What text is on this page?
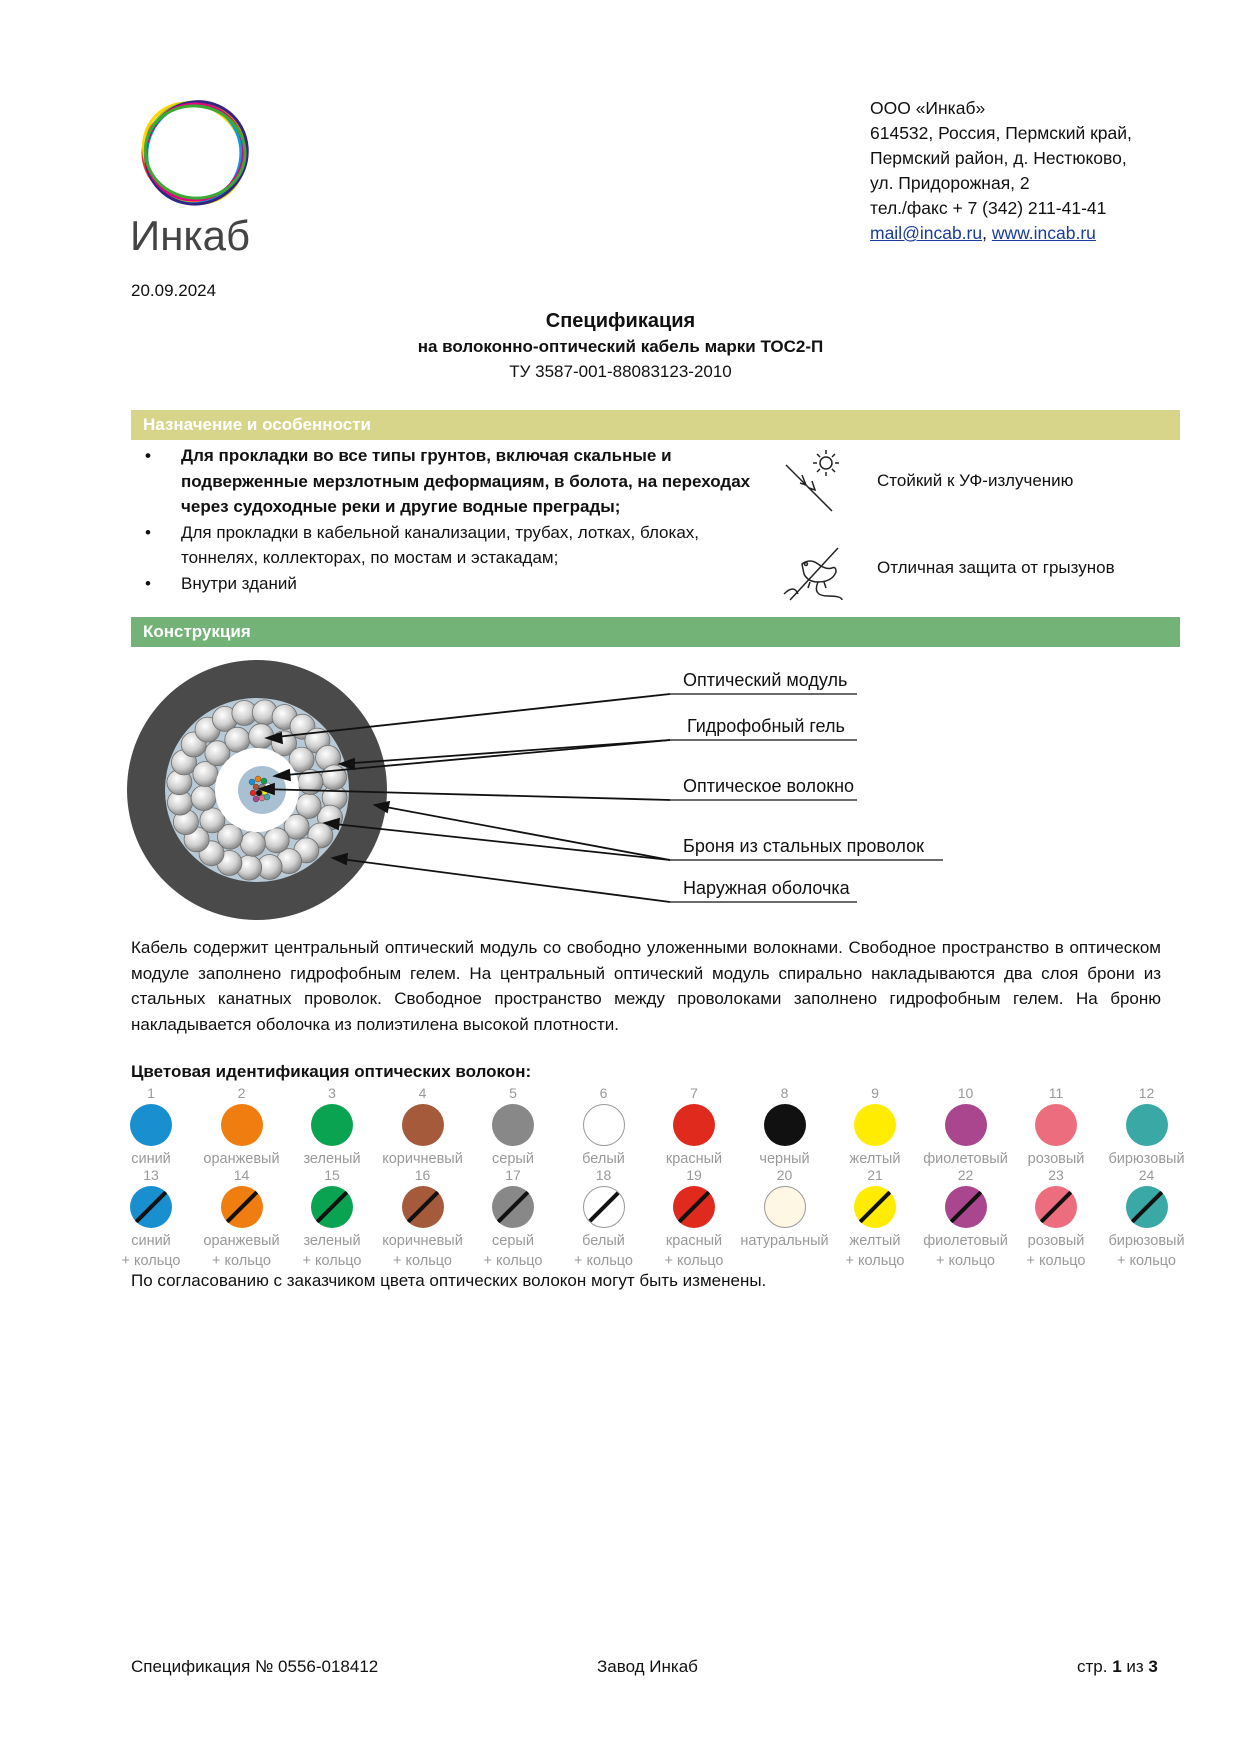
Инкаб
ООО «Инкаб»
614532, Россия, Пермский край,
Пермский район, д. Нестюково,
ул. Придорожная, 2
тел./факс + 7 (342) 211-41-41
mail@incab.ru, www.incab.ru
20.09.2024
Спецификация
на волоконно-оптический кабель марки ТОС2-П
ТУ 3587-001-88083123-2010
Назначение и особенности
• Для прокладки во все типы грунтов, включая скальные и подверженные мерзлотным деформациям, в болота, на переходах через судоходные реки и другие водные преграды;
• Для прокладки в кабельной канализации, трубах, лотках, блоках, тоннелях, коллекторах, по мостам и эстакадам;
• Внутри зданий
Стойкий к УФ-излучению
Отличная защита от грызунов
Конструкция
Оптический модуль
Гидрофобный гель
Оптическое волокно
Броня из стальных проволок
Наружная оболочка
Кабель содержит центральный оптический модуль со свободно уложенными волокнами. Свободное пространство в оптическом модуле заполнено гидрофобным гелем. На центральный оптический модуль спирально накладываются два слоя брони из стальных канатных проволок. Свободное пространство между проволоками заполнено гидрофобным гелем. На броню накладывается оболочка из полиэтилена высокой плотности.
Цветовая идентификация оптических волокон:
1
синий
2
оранжевый
3
зеленый
4
коричневый
5
серый
6
белый
7
красный
8
черный
9
желтый
10
фиолетовый
11
розовый
12
бирюзовый
13
синий
+ кольцо
14
оранжевый
+ кольцо
15
зеленый
+ кольцо
16
коричневый
+ кольцо
17
серый
+ кольцо
18
белый
+ кольцо
19
красный
+ кольцо
20
натуральный
21
желтый
+ кольцо
22
фиолетовый
+ кольцо
23
розовый
+ кольцо
24
бирюзовый
+ кольцо
По согласованию с заказчиком цвета оптических волокон могут быть изменены.
Спецификация № 0556-018412	Завод Инкаб	стр. 1 из 3
